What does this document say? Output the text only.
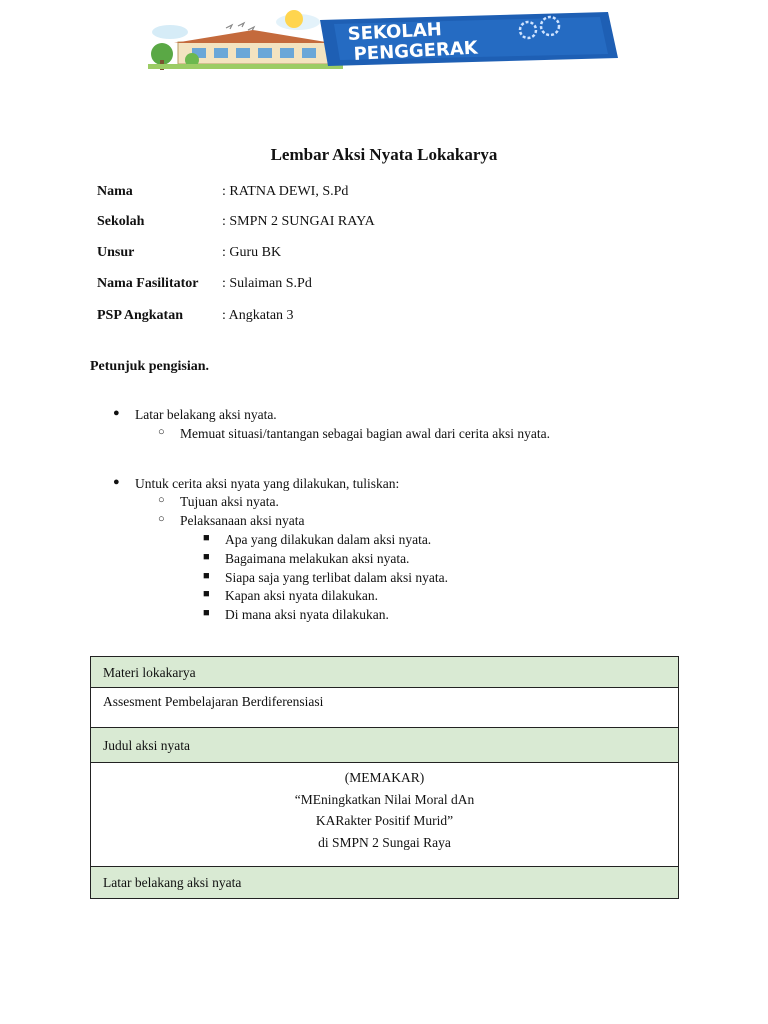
SEKOLAH
PENGGERAK
Lembar Aksi Nyata Lokakarya
Nama	: RATNA DEWI, S.Pd
Sekolah	: SMPN 2 SUNGAI RAYA
Unsur	: Guru BK
Nama Fasilitator : Sulaiman S.Pd
PSP Angkatan	: Angkatan 3
Petunjuk pengisian.
● Latar belakang aksi nyata.
○ Memuat situasi/tantangan sebagai bagian awal dari cerita aksi nyata.
● Untuk cerita aksi nyata yang dilakukan, tuliskan:
○ Tujuan aksi nyata.
○ Pelaksanaan aksi nyata
■ Apa yang dilakukan dalam aksi nyata.
■ Bagaimana melakukan aksi nyata.
■ Siapa saja yang terlibat dalam aksi nyata.
■ Kapan aksi nyata dilakukan.
■ Di mana aksi nyata dilakukan.
Materi lokakarya
Assesment Pembelajaran Berdiferensiasi
Judul aksi nyata
(MEMAKAR)
“MEningkatkan Nilai Moral dAn
KARakter Positif Murid”
di SMPN 2 Sungai Raya
Latar belakang aksi nyata
